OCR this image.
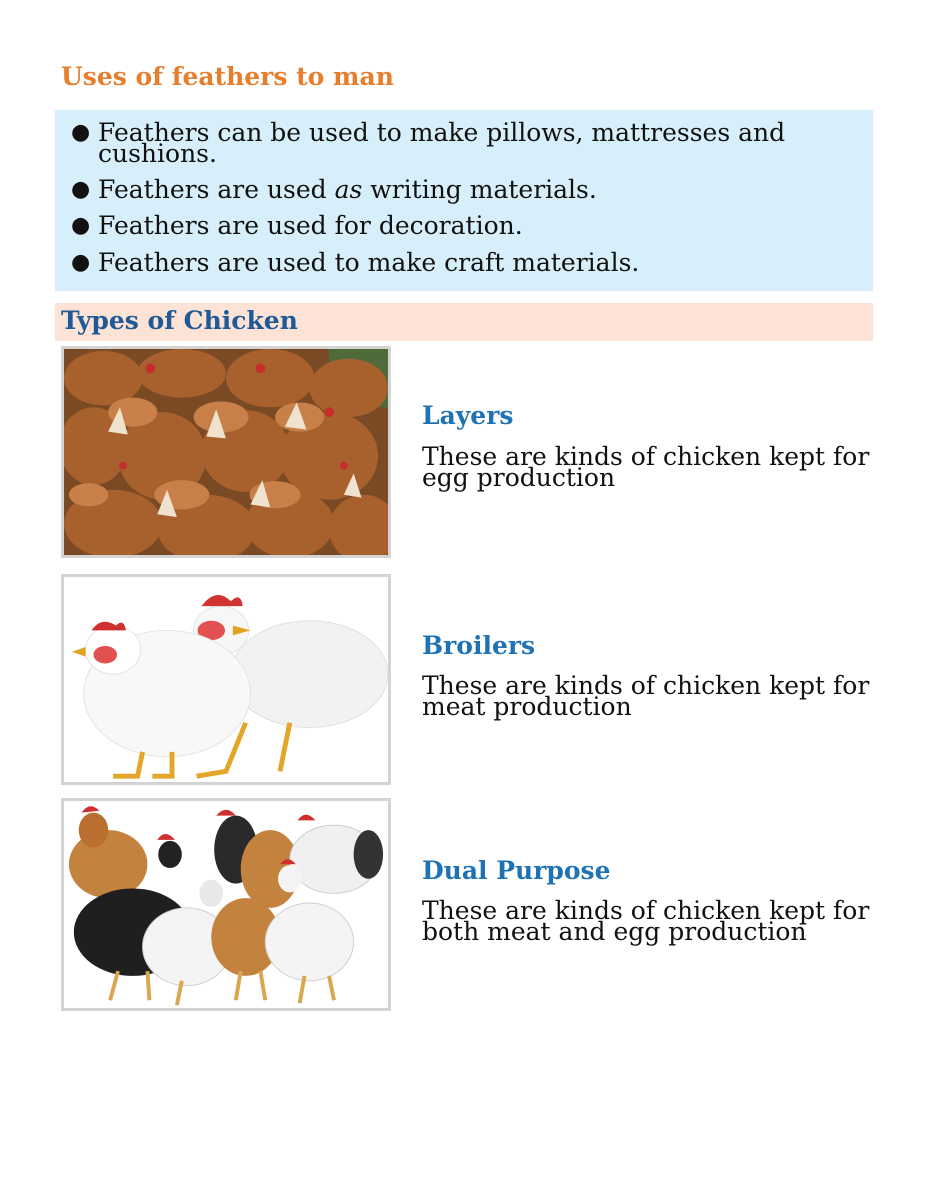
Uses of feathers to man
● Feathers can be used to make pillows, mattresses and cushions.
● Feathers are used as writing materials.
● Feathers are used for decoration.
● Feathers are used to make craft materials.
Types of Chicken
Layers

These are kinds of chicken kept for egg production

Broilers

These are kinds of chicken kept for meat production

Dual Purpose

These are kinds of chicken kept for both meat and egg production
